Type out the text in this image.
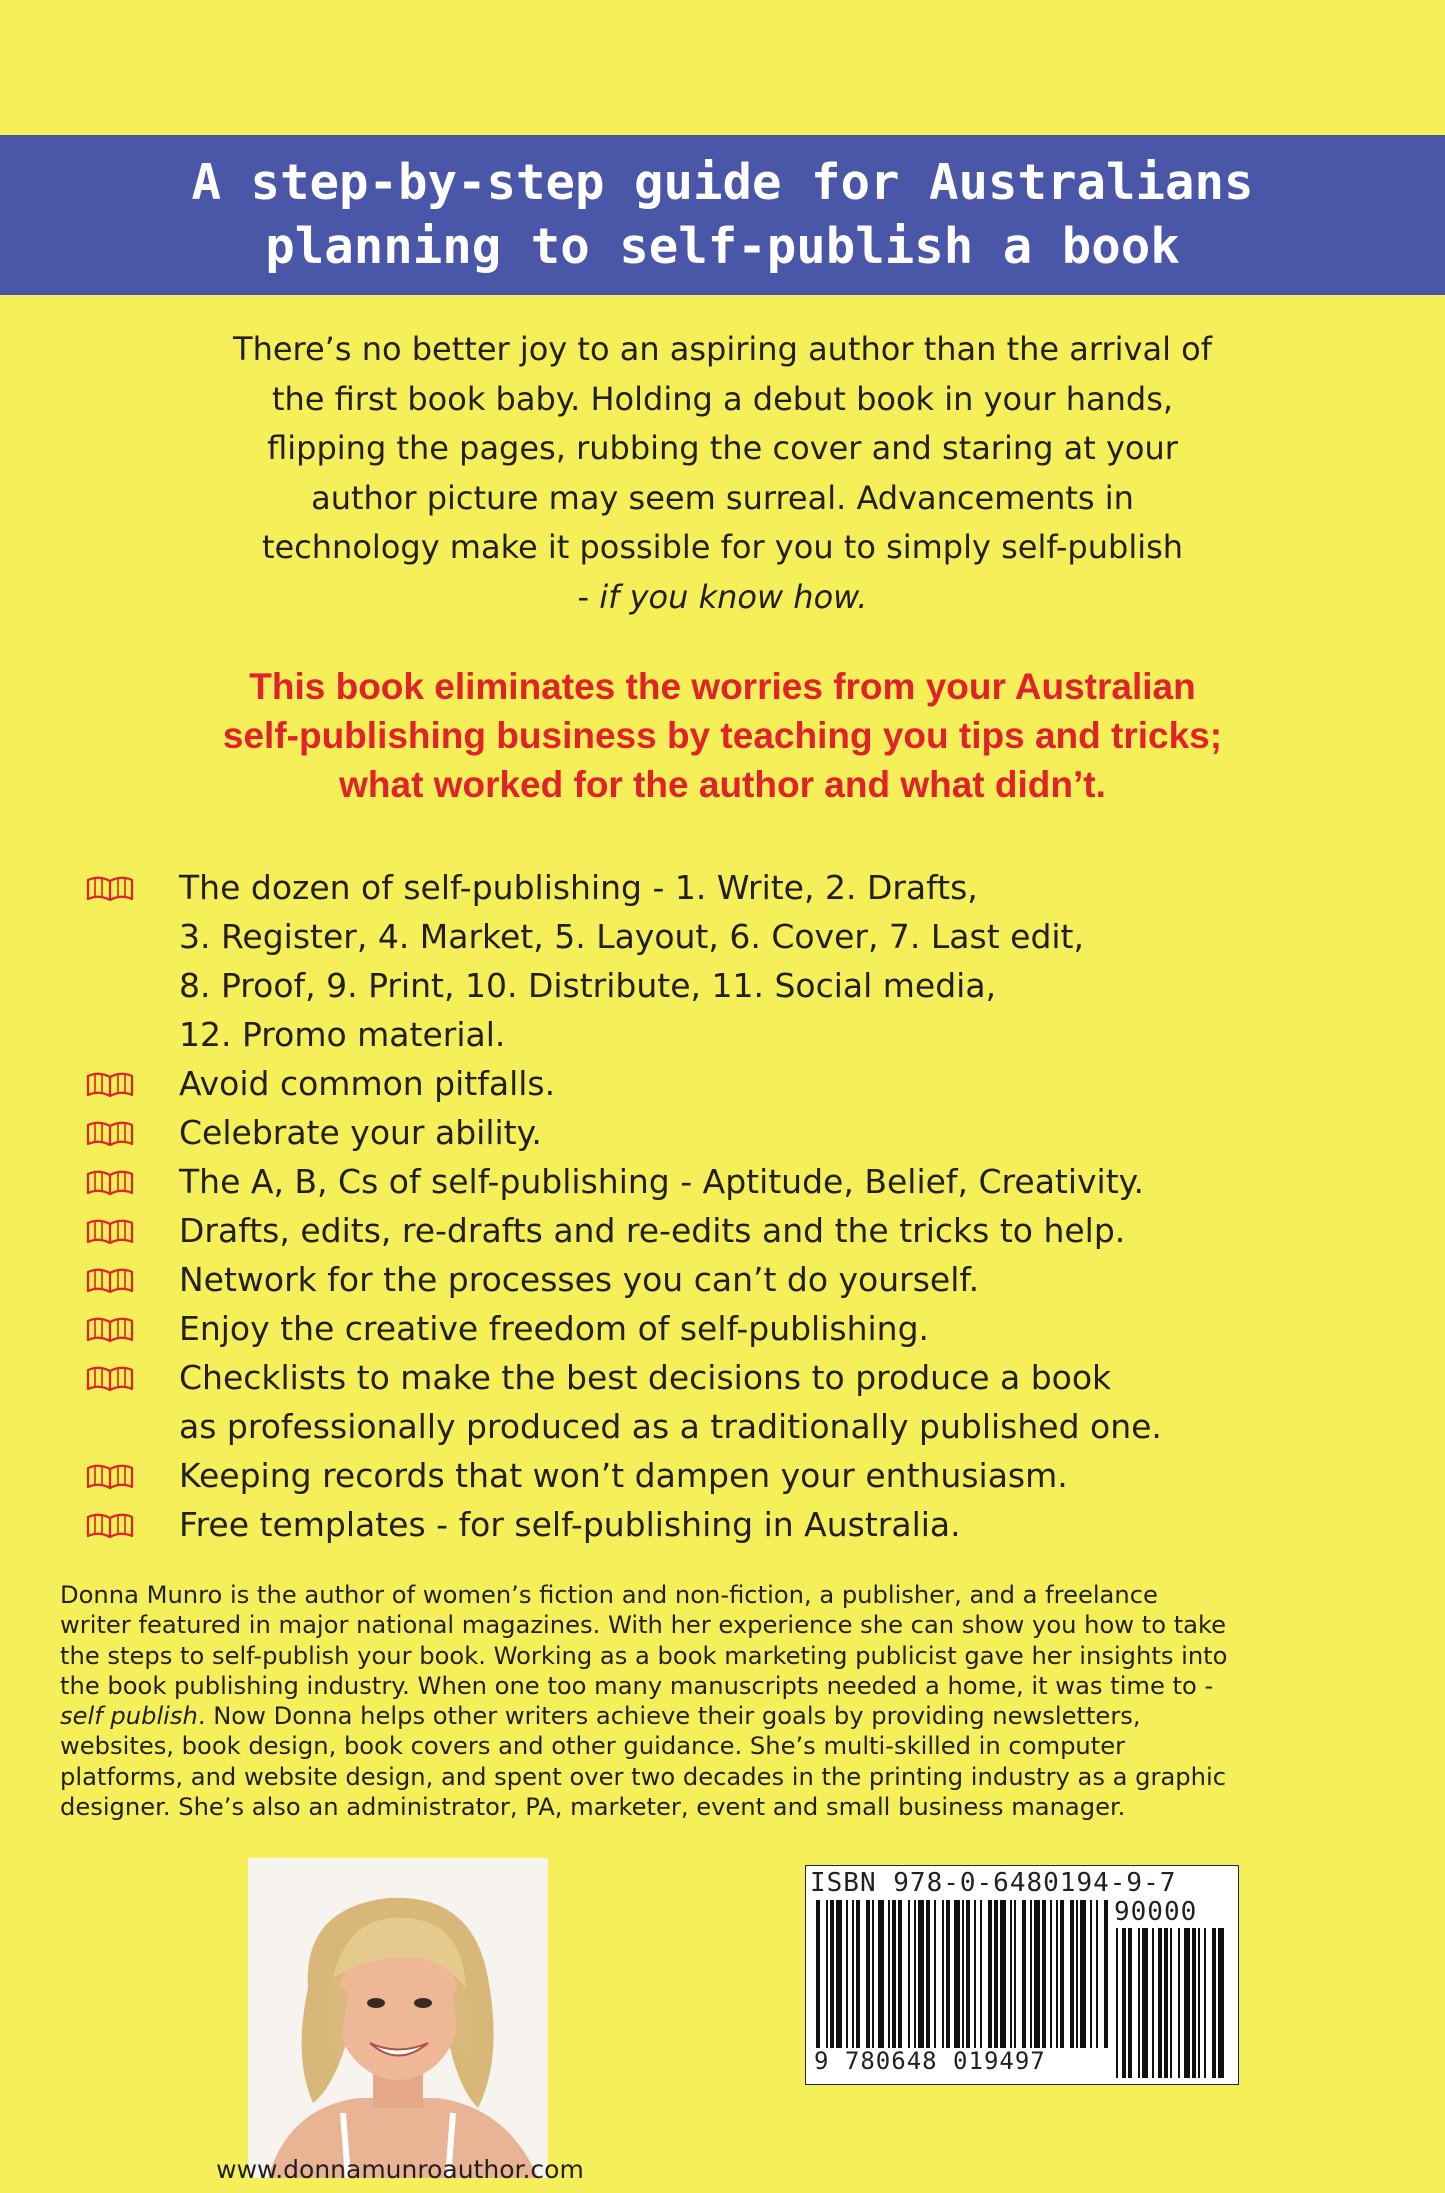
A step-by-step guide for Australians
planning to self-publish a book

There’s no better joy to an aspiring author than the arrival of
the first book baby. Holding a debut book in your hands,
flipping the pages, rubbing the cover and staring at your
author picture may seem surreal. Advancements in
technology make it possible for you to simply self-publish
- if you know how.

This book eliminates the worries from your Australian
self-publishing business by teaching you tips and tricks;
what worked for the author and what didn’t.

The dozen of self-publishing - 1. Write, 2. Drafts,
3. Register, 4. Market, 5. Layout, 6. Cover, 7. Last edit,
8. Proof, 9. Print, 10. Distribute, 11. Social media,
12. Promo material.
Avoid common pitfalls.
Celebrate your ability.
The A, B, Cs of self-publishing - Aptitude, Belief, Creativity.
Drafts, edits, re-drafts and re-edits and the tricks to help.
Network for the processes you can’t do yourself.
Enjoy the creative freedom of self-publishing.
Checklists to make the best decisions to produce a book
as professionally produced as a traditionally published one.
Keeping records that won’t dampen your enthusiasm.
Free templates - for self-publishing in Australia.

Donna Munro is the author of women’s fiction and non-fiction, a publisher, and a freelance
writer featured in major national magazines. With her experience she can show you how to take
the steps to self-publish your book. Working as a book marketing publicist gave her insights into
the book publishing industry. When one too many manuscripts needed a home, it was time to -
self publish. Now Donna helps other writers achieve their goals by providing newsletters,
websites, book design, book covers and other guidance. She’s multi-skilled in computer
platforms, and website design, and spent over two decades in the printing industry as a graphic
designer. She’s also an administrator, PA, marketer, event and small business manager.

www.donnamunroauthor.com

ISBN 978-0-6480194-9-7

90000

9 780648 019497
